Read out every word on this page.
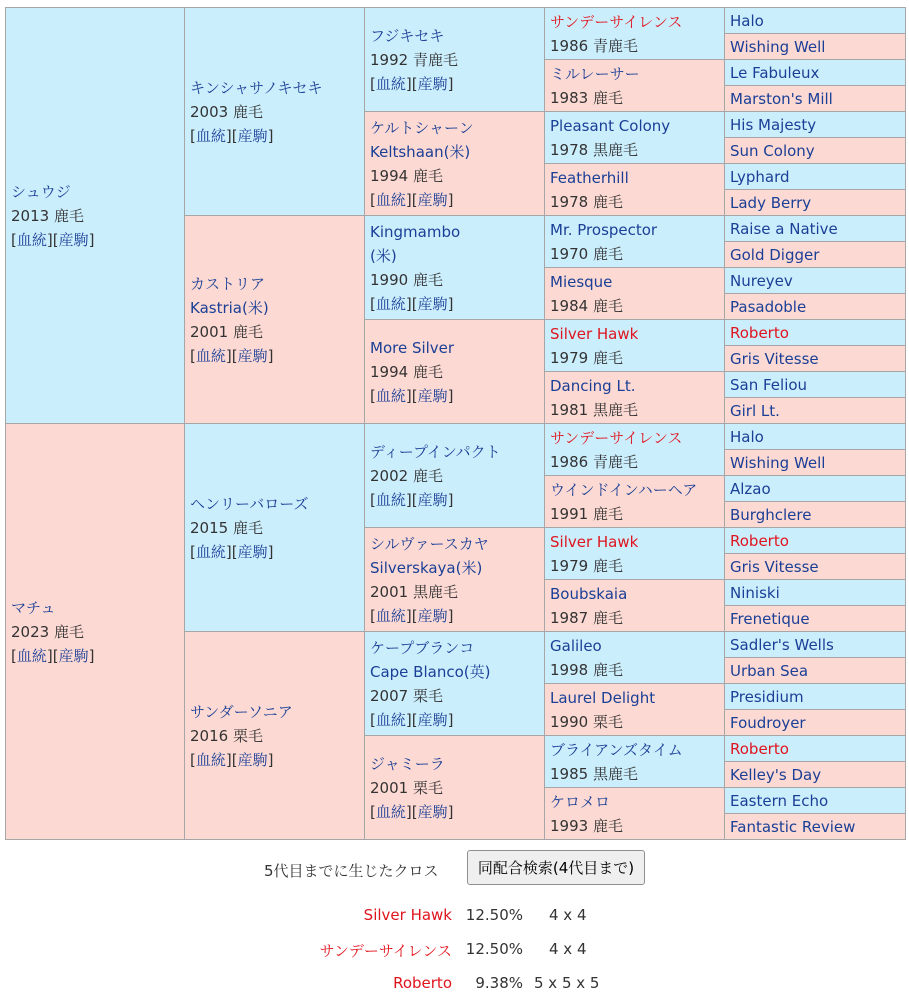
シュウジ
2013 鹿毛
[血統][産駒]	キンシャサノキセキ
2003 鹿毛
[血統][産駒]	フジキセキ
1992 青鹿毛
[血統][産駒]	サンデーサイレンス
1986 青鹿毛	Halo

				Wishing Well

			ミルレーサー
1983 鹿毛	Le Fabuleux

				Marston's Mill

		ケルトシャーン
Keltshaan(米)
1994 鹿毛
[血統][産駒]	Pleasant Colony
1978 黒鹿毛	His Majesty

				Sun Colony

			Featherhill
1978 鹿毛	Lyphard

				Lady Berry

	カストリア
Kastria(米)
2001 鹿毛
[血統][産駒]	Kingmambo
(米)
1990 鹿毛
[血統][産駒]	Mr. Prospector
1970 鹿毛	Raise a Native

				Gold Digger

			Miesque
1984 鹿毛	Nureyev

				Pasadoble

		More Silver
1994 鹿毛
[血統][産駒]	Silver Hawk
1979 鹿毛	Roberto

				Gris Vitesse

			Dancing Lt.
1981 黒鹿毛	San Feliou

				Girl Lt.

マチュ
2023 鹿毛
[血統][産駒]	ヘンリーバローズ
2015 鹿毛
[血統][産駒]	ディープインパクト
2002 鹿毛
[血統][産駒]	サンデーサイレンス
1986 青鹿毛	Halo

				Wishing Well

			ウインドインハーヘア
1991 鹿毛	Alzao

				Burghclere

		シルヴァースカヤ
Silverskaya(米)
2001 黒鹿毛
[血統][産駒]	Silver Hawk
1979 鹿毛	Roberto

				Gris Vitesse

			Boubskaia
1987 鹿毛	Niniski

				Frenetique

	サンダーソニア
2016 栗毛
[血統][産駒]	ケープブランコ
Cape Blanco(英)
2007 栗毛
[血統][産駒]	Galileo
1998 鹿毛	Sadler's Wells

				Urban Sea

			Laurel Delight
1990 栗毛	Presidium

				Foudroyer

		ジャミーラ
2001 栗毛
[血統][産駒]	ブライアンズタイム
1985 黒鹿毛	Roberto

				Kelley's Day

			ケロメロ
1993 鹿毛	Eastern Echo

				Fantastic Review
5代目までに生じたクロス	同配合検索(4代目まで)
Silver Hawk 12.50% 4 x 4
サンデーサイレンス 12.50% 4 x 4
Roberto 9.38% 5 x 5 x 5
